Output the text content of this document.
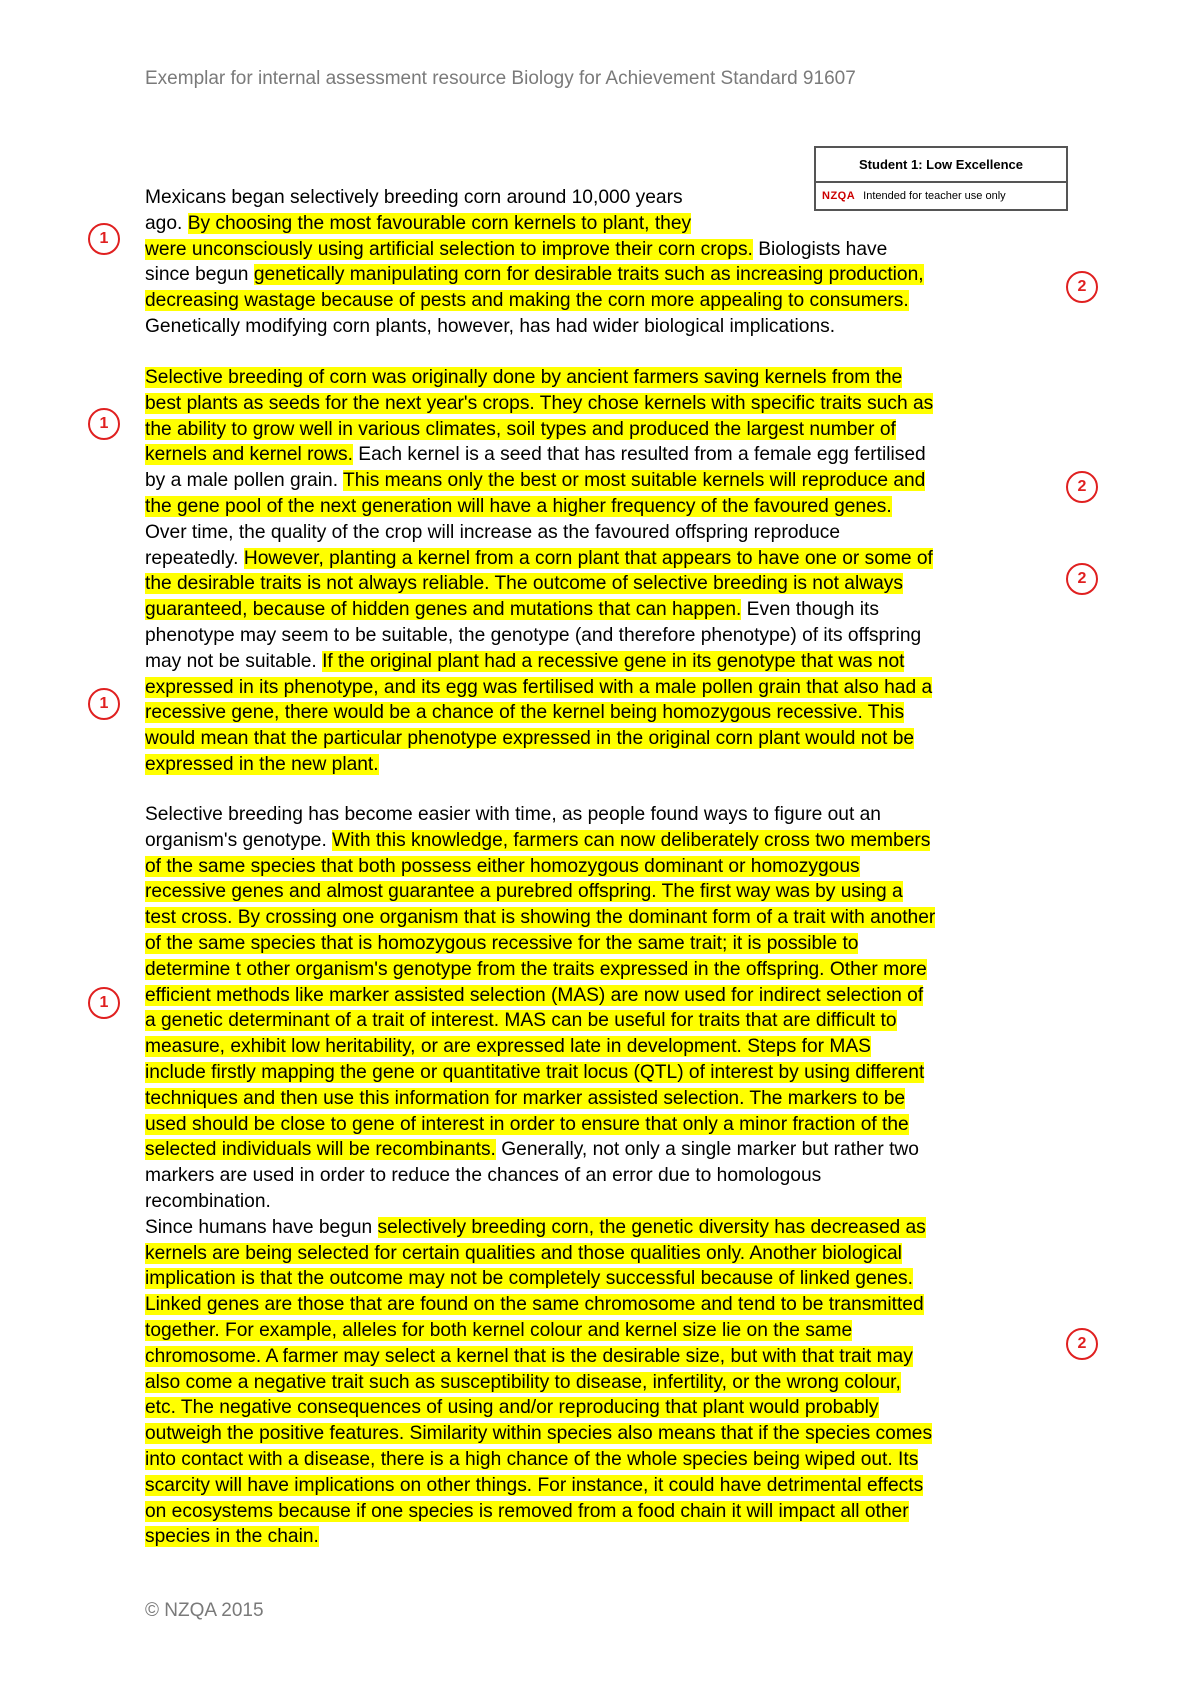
Exemplar for internal assessment resource Biology for Achievement Standard 91607
Student 1: Low Excellence
NZQA Intended for teacher use only
Mexicans began selectively breeding corn around 10,000 years
ago. By choosing the most favourable corn kernels to plant, they
were unconsciously using artificial selection to improve their corn crops. Biologists have
since begun genetically manipulating corn for desirable traits such as increasing production,
decreasing wastage because of pests and making the corn more appealing to consumers.
Genetically modifying corn plants, however, has had wider biological implications.
Selective breeding of corn was originally done by ancient farmers saving kernels from the
best plants as seeds for the next year's crops. They chose kernels with specific traits such as
the ability to grow well in various climates, soil types and produced the largest number of
kernels and kernel rows. Each kernel is a seed that has resulted from a female egg fertilised
by a male pollen grain. This means only the best or most suitable kernels will reproduce and
the gene pool of the next generation will have a higher frequency of the favoured genes.
Over time, the quality of the crop will increase as the favoured offspring reproduce
repeatedly. However, planting a kernel from a corn plant that appears to have one or some of
the desirable traits is not always reliable. The outcome of selective breeding is not always
guaranteed, because of hidden genes and mutations that can happen. Even though its
phenotype may seem to be suitable, the genotype (and therefore phenotype) of its offspring
may not be suitable. If the original plant had a recessive gene in its genotype that was not
expressed in its phenotype, and its egg was fertilised with a male pollen grain that also had a
recessive gene, there would be a chance of the kernel being homozygous recessive. This
would mean that the particular phenotype expressed in the original corn plant would not be
expressed in the new plant.
Selective breeding has become easier with time, as people found ways to figure out an
organism's genotype. With this knowledge, farmers can now deliberately cross two members
of the same species that both possess either homozygous dominant or homozygous
recessive genes and almost guarantee a purebred offspring. The first way was by using a
test cross. By crossing one organism that is showing the dominant form of a trait with another
of the same species that is homozygous recessive for the same trait; it is possible to
determine t other organism's genotype from the traits expressed in the offspring. Other more
efficient methods like marker assisted selection (MAS) are now used for indirect selection of
a genetic determinant of a trait of interest. MAS can be useful for traits that are difficult to
measure, exhibit low heritability, or are expressed late in development. Steps for MAS
include firstly mapping the gene or quantitative trait locus (QTL) of interest by using different
techniques and then use this information for marker assisted selection. The markers to be
used should be close to gene of interest in order to ensure that only a minor fraction of the
selected individuals will be recombinants. Generally, not only a single marker but rather two
markers are used in order to reduce the chances of an error due to homologous
recombination.
Since humans have begun selectively breeding corn, the genetic diversity has decreased as
kernels are being selected for certain qualities and those qualities only. Another biological
implication is that the outcome may not be completely successful because of linked genes.
Linked genes are those that are found on the same chromosome and tend to be transmitted
together. For example, alleles for both kernel colour and kernel size lie on the same
chromosome. A farmer may select a kernel that is the desirable size, but with that trait may
also come a negative trait such as susceptibility to disease, infertility, or the wrong colour,
etc. The negative consequences of using and/or reproducing that plant would probably
outweigh the positive features. Similarity within species also means that if the species comes
into contact with a disease, there is a high chance of the whole species being wiped out. Its
scarcity will have implications on other things. For instance, it could have detrimental effects
on ecosystems because if one species is removed from a food chain it will impact all other
species in the chain.
1
2
1
2
2
1
1
2
© NZQA 2015
